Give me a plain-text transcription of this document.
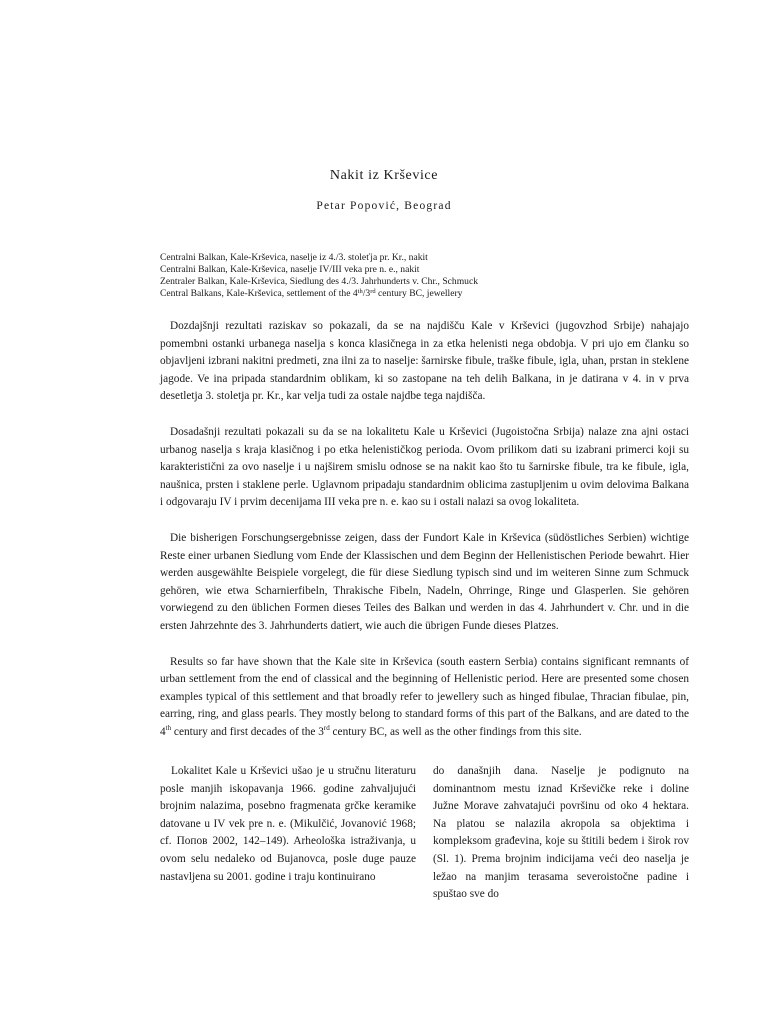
Nakit iz Krševice
Petar Popović, Beograd
Centralni Balkan, Kale-Krševica, naselje iz 4./3. stoleťja pr. Kr., nakit
Centralni Balkan, Kale-Krševica, naselje IV/III veka pre n. e., nakit
Zentraler Balkan, Kale-Krševica, Siedlung des 4./3. Jahrhunderts v. Chr., Schmuck
Central Balkans, Kale-Krševica, settlement of the 4th/3rd century BC, jewellery

Dozdajšnji rezultati raziskav so pokazali, da se na najdišču Kale v Krševici (jugovzhod Srbije) nahajajo pomembni ostanki urbanega naselja s konca klasičnega in za etka helenisti nega obdobja. V pri ujo em članku so objavljeni izbrani nakitni predmeti, zna ilni za to naselje: šarnirske fibule, traške fibule, igla, uhan, prstan in steklene jagode. Ve ina pripada standardnim oblikam, ki so zastopane na teh delih Balkana, in je datirana v 4. in v prva desetletja 3. stoletja pr. Kr., kar velja tudi za ostale najdbe tega najdišča.

Dosadašnji rezultati pokazali su da se na lokalitetu Kale u Krševici (Jugoistočna Srbija) nalaze zna ajni ostaci urbanog naselja s kraja klasičnog i po etka helenističkog perioda. Ovom prilikom dati su izabrani primerci koji su karakteristični za ovo naselje i u najširem smislu odnose se na nakit kao što tu šarnirske fibule, tra ke fibule, igla, naušnica, prsten i staklene perle. Uglavnom pripadaju standardnim oblicima zastupljenim u ovim delovima Balkana i odgovaraju IV i prvim decenijama III veka pre n. e. kao su i ostali nalazi sa ovog lokaliteta.

Die bisherigen Forschungsergebnisse zeigen, dass der Fundort Kale in Krševica (südöstliches Serbien) wichtige Reste einer urbanen Siedlung vom Ende der Klassischen und dem Beginn der Hellenistischen Periode bewahrt. Hier werden ausgewählte Beispiele vorgelegt, die für diese Siedlung typisch sind und im weiteren Sinne zum Schmuck gehören, wie etwa Scharnierfibeln, Thrakische Fibeln, Nadeln, Ohrringe, Ringe und Glasperlen. Sie gehören vorwiegend zu den üblichen Formen dieses Teiles des Balkan und werden in das 4. Jahrhundert v. Chr. und in die ersten Jahrzehnte des 3. Jahrhunderts datiert, wie auch die übrigen Funde dieses Platzes.

Results so far have shown that the Kale site in Krševica (south eastern Serbia) contains significant remnants of urban settlement from the end of classical and the beginning of Hellenistic period. Here are presented some chosen examples typical of this settlement and that broadly refer to jewellery such as hinged fibulae, Thracian fibulae, pin, earring, ring, and glass pearls. They mostly belong to standard forms of this part of the Balkans, and are dated to the 4th century and first decades of the 3rd century BC, as well as the other findings from this site.

Lokalitet Kale u Krševici ušao je u stručnu literaturu posle manjih iskopavanja 1966. godine zahvaljujući brojnim nalazima, posebno fragmenata grčke keramike datovane u IV vek pre n. e. (Mikulčić, Jovanović 1968; cf. Попов 2002, 142–149). Arheološka istraživanja, u ovom selu nedaleko od Bujanovca, posle duge pauze nastavljena su 2001. godine i traju kontinuirano

do današnjih dana. Naselje je podignuto na dominantnom mestu iznad Krševičke reke i doline Južne Morave zahvatajući površinu od oko 4 hektara. Na platou se nalazila akropola sa objektima i kompleksom građevina, koje su štitili bedem i širok rov (Sl. 1). Prema brojnim indicijama veći deo naselja je ležao na manjim terasama severoistočne padine i spuštao sve do
